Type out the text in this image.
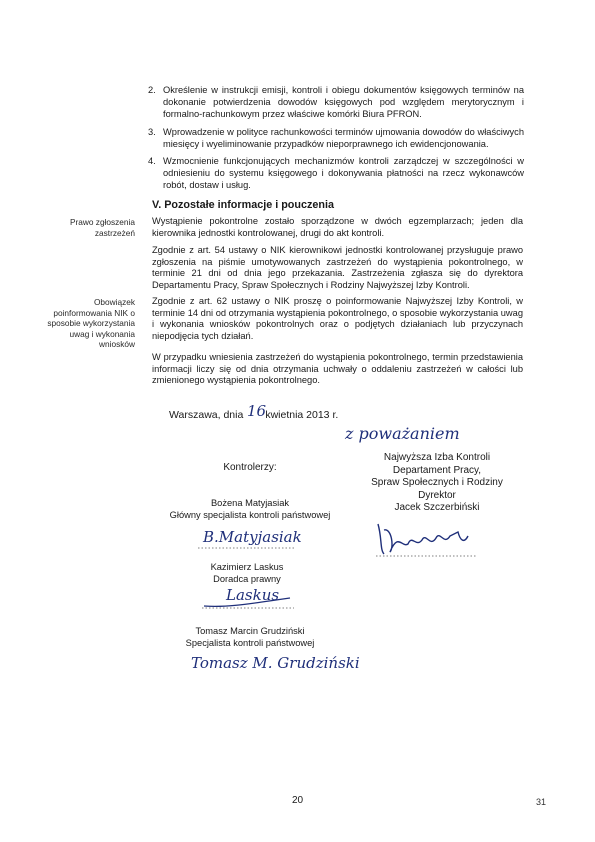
2. Określenie w instrukcji emisji, kontroli i obiegu dokumentów księgowych terminów na dokonanie potwierdzenia dowodów księgowych pod względem merytorycznym i formalno-rachunkowym przez właściwe komórki Biura PFRON.
3. Wprowadzenie w polityce rachunkowości terminów ujmowania dowodów do właściwych miesięcy i wyeliminowanie przypadków nieporprawnego ich ewidencjonowania.
4. Wzmocnienie funkcjonujących mechanizmów kontroli zarządczej w szczególności w odniesieniu do systemu księgowego i dokonywania płatności na rzecz wykonawców robót, dostaw i usług.
V. Pozostałe informacje i pouczenia
Prawo zgłoszenia zastrzeżeń
Obowiązek poinformowania NIK o sposobie wykorzystania uwag i wykonania wniosków
Wystąpienie pokontrolne zostało sporządzone w dwóch egzemplarzach; jeden dla kierownika jednostki kontrolowanej, drugi do akt kontroli.
Zgodnie z art. 54 ustawy o NIK kierownikowi jednostki kontrolowanej przysługuje prawo zgłoszenia na piśmie umotywowanych zastrzeżeń do wystąpienia pokontrolnego, w terminie 21 dni od dnia jego przekazania. Zastrzeżenia zgłasza się do dyrektora Departamentu Pracy, Spraw Społecznych i Rodziny Najwyższej Izby Kontroli.
Zgodnie z art. 62 ustawy o NIK proszę o poinformowanie Najwyższej Izby Kontroli, w terminie 14 dni od otrzymania wystąpienia pokontrolnego, o sposobie wykorzystania uwag i wykonania wniosków pokontrolnych oraz o podjętych działaniach lub przyczynach niepodjęcia tych działań.
W przypadku wniesienia zastrzeżeń do wystąpienia pokontrolnego, termin przedstawienia informacji liczy się od dnia otrzymania uchwały o oddaleniu zastrzeżeń w całości lub zmienionego wystąpienia pokontrolnego.
Warszawa, dnia kwietnia 2013 r.
16
z poważaniem
Kontrolerzy:
Najwyższa Izba Kontroli
Departament Pracy,
Spraw Społecznych i Rodziny
Dyrektor
Jacek Szczerbiński
Bożena Matyjasiak
Główny specjalista kontroli państwowej
B.Matyjasiak
Kazimierz Laskus
Doradca prawny
Laskus
Tomasz Marcin Grudziński
Specjalista kontroli państwowej
Tomasz M. Grudziński
20	31
